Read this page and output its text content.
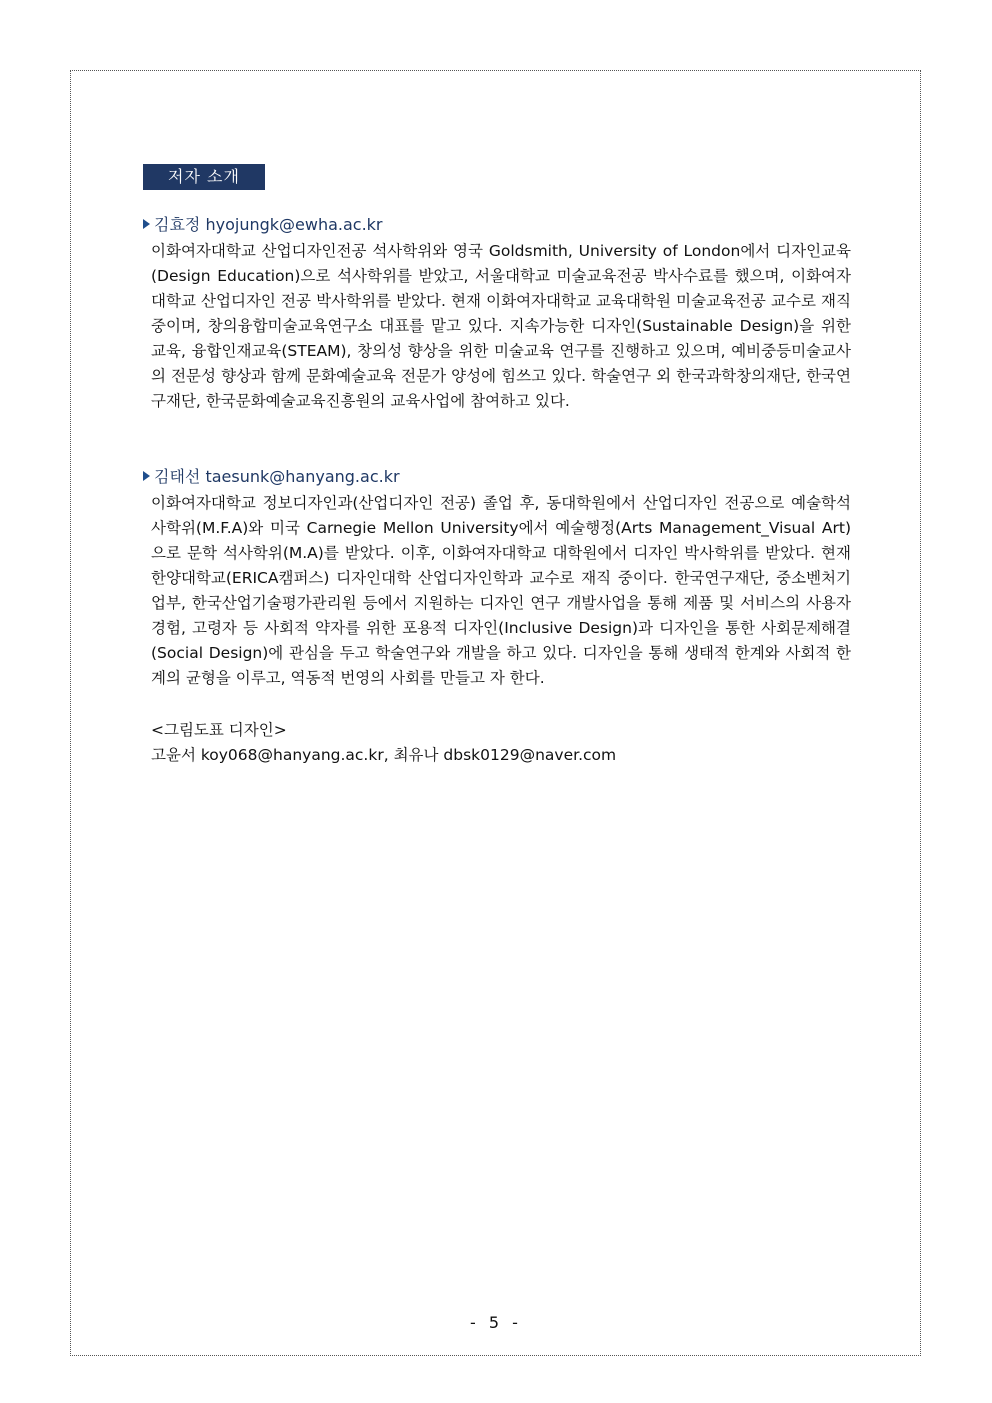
저자 소개
김효정 hyojungk@ewha.ac.kr
이화여자대학교 산업디자인전공 석사학위와 영국 Goldsmith, University of London에서 디자인교육(Design Education)으로 석사학위를 받았고, 서울대학교 미술교육전공 박사수료를 했으며, 이화여자대학교 산업디자인 전공 박사학위를 받았다. 현재 이화여자대학교 교육대학원 미술교육전공 교수로 재직 중이며, 창의융합미술교육연구소 대표를 맡고 있다. 지속가능한 디자인(Sustainable Design)을 위한 교육, 융합인재교육(STEAM), 창의성 향상을 위한 미술교육 연구를 진행하고 있으며, 예비중등미술교사의 전문성 향상과 함께 문화예술교육 전문가 양성에 힘쓰고 있다. 학술연구 외 한국과학창의재단, 한국연구재단, 한국문화예술교육진흥원의 교육사업에 참여하고 있다.
김태선 taesunk@hanyang.ac.kr
이화여자대학교 정보디자인과(산업디자인 전공) 졸업 후, 동대학원에서 산업디자인 전공으로 예술학석사학위(M.F.A)와 미국 Carnegie Mellon University에서 예술행정(Arts Management_Visual Art)으로 문학 석사학위(M.A)를 받았다. 이후, 이화여자대학교 대학원에서 디자인 박사학위를 받았다. 현재 한양대학교(ERICA캠퍼스) 디자인대학 산업디자인학과 교수로 재직 중이다. 한국연구재단, 중소벤처기업부, 한국산업기술평가관리원 등에서 지원하는 디자인 연구 개발사업을 통해 제품 및 서비스의 사용자 경험, 고령자 등 사회적 약자를 위한 포용적 디자인(Inclusive Design)과 디자인을 통한 사회문제해결(Social Design)에 관심을 두고 학술연구와 개발을 하고 있다. 디자인을 통해 생태적 한계와 사회적 한계의 균형을 이루고, 역동적 번영의 사회를 만들고 자 한다.
<그림도표 디자인>
고윤서 koy068@hanyang.ac.kr, 최유나 dbsk0129@naver.com
- 5 -
